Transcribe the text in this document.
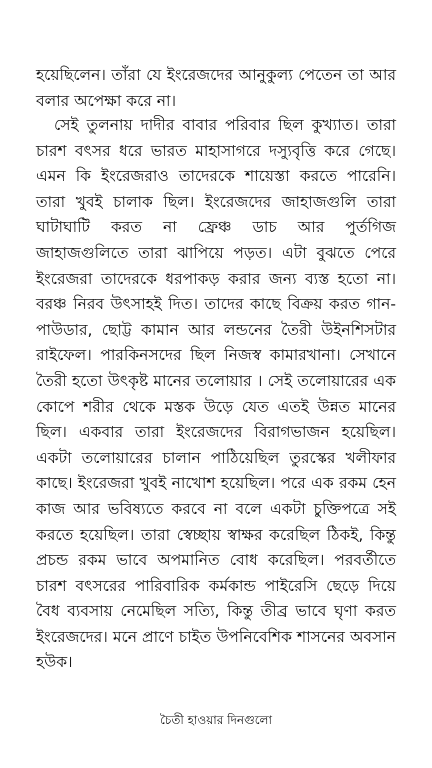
হয়েছিলেন। তাঁরা যে ইংরেজদের আনুকুল্য পেতেন তা আর বলার অপেক্ষা করে না।

সেই তুলনায় দাদীর বাবার পরিবার ছিল কুখ্যাত। তারা চারশ বৎসর ধরে ভারত মাহাসাগরে দস্যুবৃত্তি করে গেছে। এমন কি ইংরেজরাও তাদেরকে শায়েস্তা করতে পারেনি। তারা খুবই চালাক ছিল। ইংরেজদের জাহাজগুলি তারা ঘাটাঘাটি করত না ফ্রেঞ্চ ডাচ আর পুর্তগিজ জাহাজগুলিতে তারা ঝাপিয়ে পড়ত। এটা বুঝতে পেরে ইংরেজরা তাদেরকে ধরপাকড় করার জন্য ব্যস্ত হতো না। বরঞ্চ নিরব উৎসাহই দিত। তাদের কাছে বিক্রয় করত গান-পাউডার, ছোট্ট কামান আর লন্ডনের তৈরী উইনশিসটার রাইফেল। পারকিনসদের ছিল নিজস্ব কামারখানা। সেখানে তৈরী হতো উৎকৃষ্ট মানের তলোয়ার । সেই তলোয়ারের এক কোপে শরীর থেকে মস্তক উড়ে যেত এতই উন্নত মানের ছিল। একবার তারা ইংরেজদের বিরাগভাজন হয়েছিল। একটা তলোয়ারের চালান পাঠিয়েছিল তুরস্কের খলীফার কাছে। ইংরেজরা খুবই নাখোশ হয়েছিল। পরে এক রকম হেন কাজ আর ভবিষ্যতে করবে না বলে একটা চুক্তিপত্রে সই করতে হয়েছিল। তারা স্বেচ্ছায় স্বাক্ষর করেছিল ঠিকই, কিন্তু প্রচন্ড রকম ভাবে অপমানিত বোধ করেছিল। পরবর্তীতে চারশ বৎসরের পারিবারিক কর্মকান্ড পাইরেসি ছেড়ে দিয়ে বৈধ ব্যবসায় নেমেছিল সত্যি, কিন্তু তীব্র ভাবে ঘৃণা করত ইংরেজদের। মনে প্রাণে চাইত উপনিবেশিক শাসনের অবসান হউক।

চৈতী হাওয়ার দিনগুলো
